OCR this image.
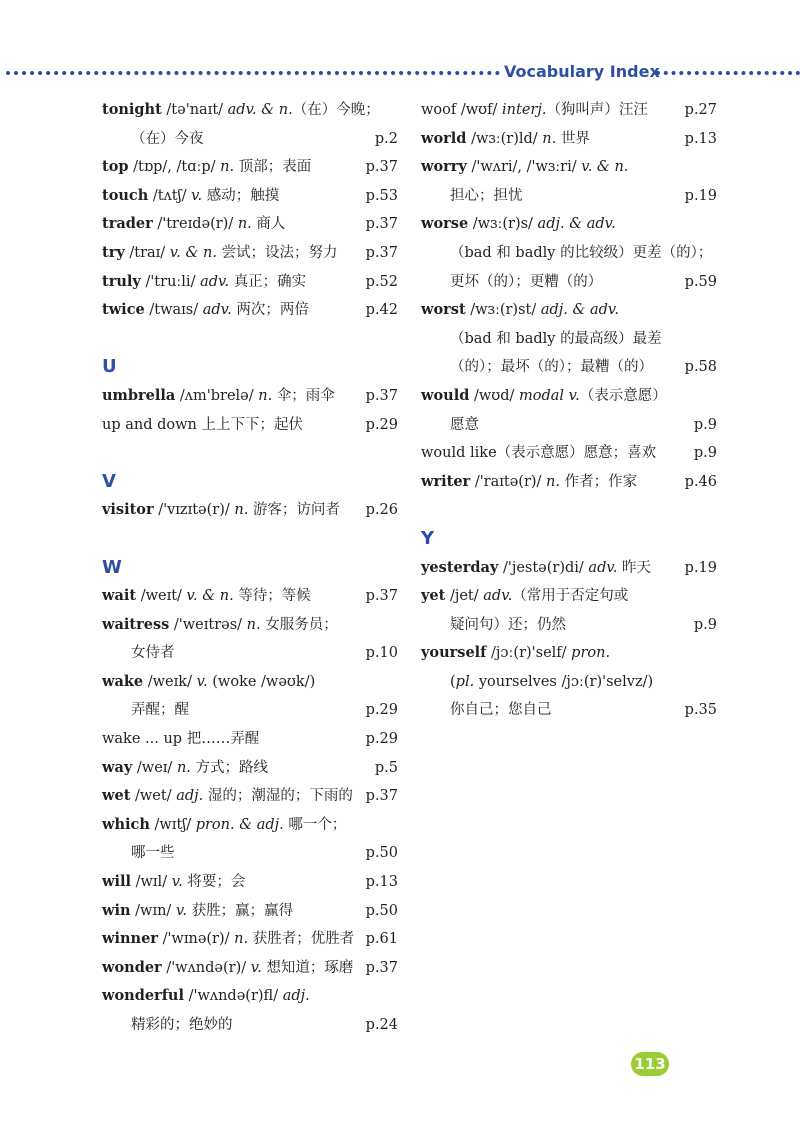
Vocabulary Index
tonight /tə'naɪt/ adv. & n.（在）今晚；
（在）今夜	p.2
top /tɒp/, /tɑːp/ n. 顶部；表面	p.37
touch /tʌtʃ/ v. 感动；触摸	p.53
trader /'treɪdə(r)/ n. 商人	p.37
try /traɪ/ v. & n. 尝试；设法；努力 p.37
truly /'truːli/ adv. 真正；确实	p.52
twice /twaɪs/ adv. 两次；两倍	p.42
U
umbrella /ʌm'brelə/ n. 伞；雨伞 p.37
up and down 上上下下；起伏	p.29
V
visitor /'vɪzɪtə(r)/ n. 游客；访问者 p.26
W
wait /weɪt/ v. & n. 等待；等候	p.37
waitress /'weɪtrəs/ n. 女服务员；
女侍者	p.10
wake /weɪk/ v. (woke /wəʊk/)
弄醒；醒	p.29
wake ... up 把……弄醒	p.29
way /weɪ/ n. 方式；路线	p.5
wet /wet/ adj. 湿的；潮湿的；下雨的 p.37
which /wɪtʃ/ pron. & adj. 哪一个；
哪一些	p.50
will /wɪl/ v. 将要；会	p.13
win /wɪn/ v. 获胜；赢；赢得	p.50
winner /'wɪnə(r)/ n. 获胜者；优胜者 p.61
wonder /'wʌndə(r)/ v. 想知道；琢磨 p.37
wonderful /'wʌndə(r)fl/ adj.
精彩的；绝妙的	p.24
woof /wʊf/ interj.（狗叫声）汪汪	p.27
world /wɜː(r)ld/ n. 世界	p.13
worry /'wʌri/, /'wɜːri/ v. & n.
担心；担忧	p.19
worse /wɜː(r)s/ adj. & adv.
（bad 和 badly 的比较级）更差（的）；
更坏（的）；更糟（的）	p.59
worst /wɜː(r)st/ adj. & adv.
（bad 和 badly 的最高级）最差
（的）；最坏（的）；最糟（的） p.58
would /wʊd/ modal v.（表示意愿）
愿意	p.9
would like（表示意愿）愿意；喜欢	p.9
writer /'raɪtə(r)/ n. 作者；作家	p.46
Y
yesterday /'jestə(r)di/ adv. 昨天 p.19
yet /jet/ adv.（常用于否定句或
疑问句）还；仍然	p.9
yourself /jɔː(r)'self/ pron.
(pl. yourselves /jɔː(r)'selvz/)
你自己；您自己	p.35
113
